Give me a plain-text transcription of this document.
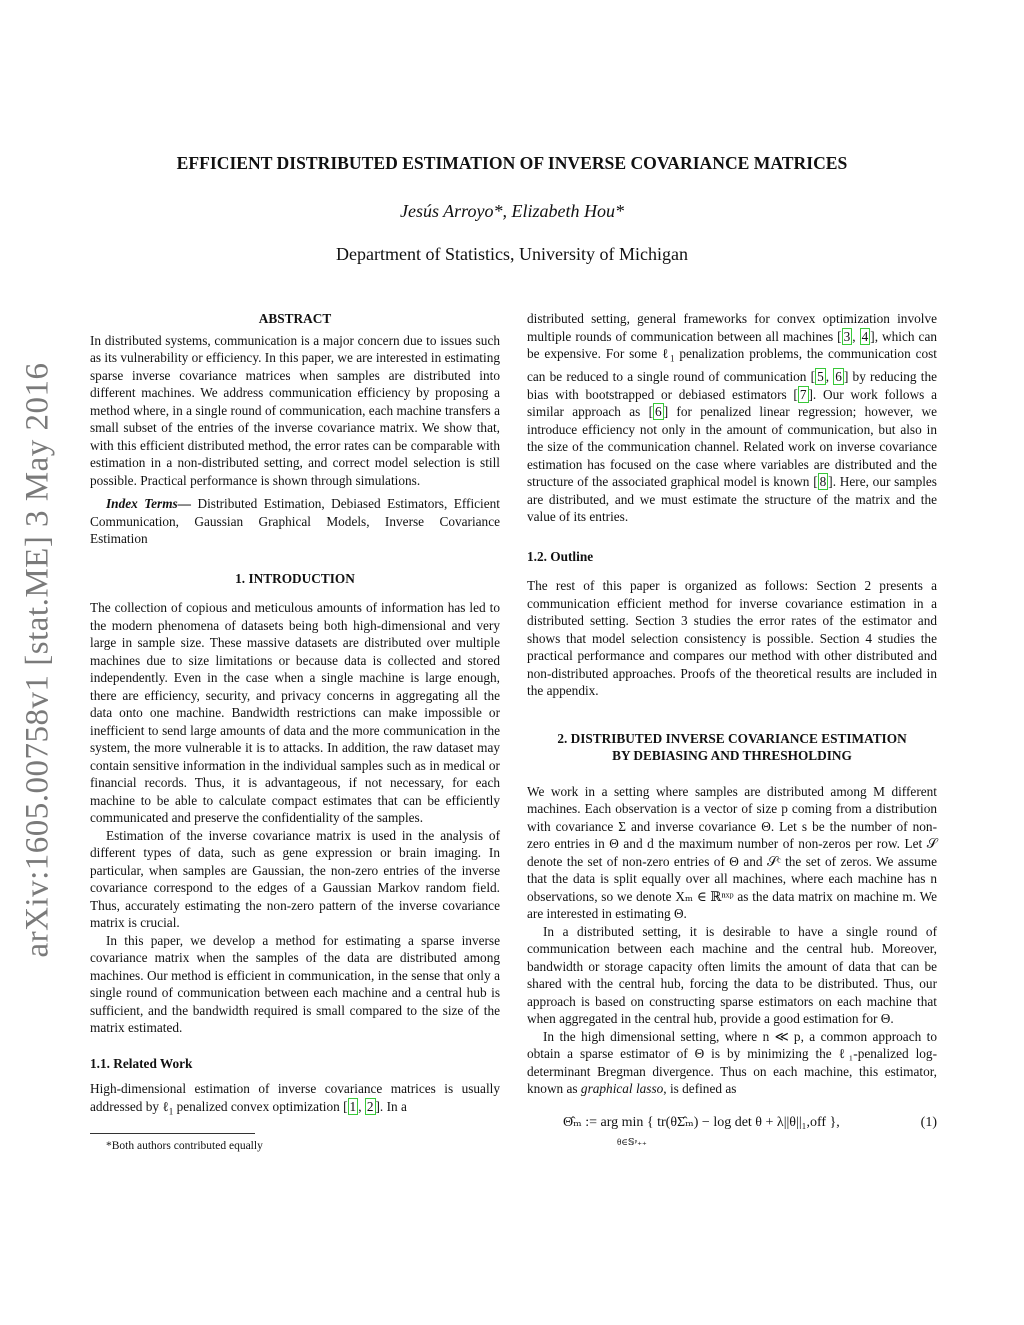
arXiv:1605.00758v1 [stat.ME] 3 May 2016
EFFICIENT DISTRIBUTED ESTIMATION OF INVERSE COVARIANCE MATRICES
Jesús Arroyo*, Elizabeth Hou*
Department of Statistics, University of Michigan
ABSTRACT

In distributed systems, communication is a major concern due to issues such as its vulnerability or efficiency. In this paper, we are interested in estimating sparse inverse covariance matrices when samples are distributed into different machines. We address communication efficiency by proposing a method where, in a single round of communication, each machine transfers a small subset of the entries of the inverse covariance matrix. We show that, with this efficient distributed method, the error rates can be comparable with estimation in a non-distributed setting, and correct model selection is still possible. Practical performance is shown through simulations.

Index Terms— Distributed Estimation, Debiased Estimators, Efficient Communication, Gaussian Graphical Models, Inverse Covariance Estimation

1. INTRODUCTION

The collection of copious and meticulous amounts of information has led to the modern phenomena of datasets being both high-dimensional and very large in sample size. These massive datasets are distributed over multiple machines due to size limitations or because data is collected and stored independently. Even in the case when a single machine is large enough, there are efficiency, security, and privacy concerns in aggregating all the data onto one machine. Bandwidth restrictions can make impossible or inefficient to send large amounts of data and the more communication in the system, the more vulnerable it is to attacks. In addition, the raw dataset may contain sensitive information in the individual samples such as in medical or financial records. Thus, it is advantageous, if not necessary, for each machine to be able to calculate compact estimates that can be efficiently communicated and preserve the confidentiality of the samples.

Estimation of the inverse covariance matrix is used in the analysis of different types of data, such as gene expression or brain imaging. In particular, when samples are Gaussian, the non-zero entries of the inverse covariance correspond to the edges of a Gaussian Markov random field. Thus, accurately estimating the non-zero pattern of the inverse covariance matrix is crucial.

In this paper, we develop a method for estimating a sparse inverse covariance matrix when the samples of the data are distributed among machines. Our method is efficient in communication, in the sense that only a single round of communication between each machine and a central hub is sufficient, and the bandwidth required is small compared to the size of the matrix estimated.

1.1. Related Work

High-dimensional estimation of inverse covariance matrices is usually addressed by ℓ$_1$ penalized convex optimization [ 1 , 2 ]. In a

*Both authors contributed equally

distributed setting, general frameworks for convex optimization involve multiple rounds of communication between all machines [ 3 , 4 ], which can be expensive. For some ℓ$_1$ penalization problems, the communication cost can be reduced to a single round of communication [ 5 , 6 ] by reducing the bias with bootstrapped or debiased estimators [ 7 ]. Our work follows a similar approach as [ 6 ] for penalized linear regression; however, we introduce efficiency not only in the amount of communication, but also in the size of the communication channel. Related work on inverse covariance estimation has focused on the case where variables are distributed and the structure of the associated graphical model is known [ 8 ]. Here, our samples are distributed, and we must estimate the structure of the matrix and the value of its entries.

1.2. Outline

The rest of this paper is organized as follows: Section 2 presents a communication efficient method for inverse covariance estimation in a distributed setting. Section 3 studies the error rates of the estimator and shows that model selection consistency is possible. Section 4 studies the practical performance and compares our method with other distributed and non-distributed approaches. Proofs of the theoretical results are included in the appendix.

2. DISTRIBUTED INVERSE COVARIANCE ESTIMATION
BY DEBIASING AND THRESHOLDING

We work in a setting where samples are distributed among M different machines. Each observation is a vector of size p coming from a distribution with covariance Σ and inverse covariance Θ. Let s be the number of non-zero entries in Θ and d the maximum number of non-zeros per row. Let 𝒮 denote the set of non-zero entries of Θ and 𝒮ᶜ the set of zeros. We assume that the data is split equally over all machines, where each machine has n observations, so we denote Xₘ ∈ ℝⁿˣᵖ as the data matrix on machine m. We are interested in estimating Θ.

In a distributed setting, it is desirable to have a single round of communication between each machine and the central hub. Moreover, bandwidth or storage capacity often limits the amount of data that can be shared with the central hub, forcing the data to be distributed. Thus, our approach is based on constructing sparse estimators on each machine that when aggregated in the central hub, provide a good estimation for Θ.

In the high dimensional setting, where n ≪ p, a common approach to obtain a sparse estimator of Θ is by minimizing the ℓ₁-penalized log-determinant Bregman divergence. Thus on each machine, this estimator, known as graphical lasso, is defined as

Θ̂ₘ := arg min { tr(θΣ̂ₘ) − log det θ + λ||θ||₁,off },
θ∈𝕊ᵖ₊₊
(1)
